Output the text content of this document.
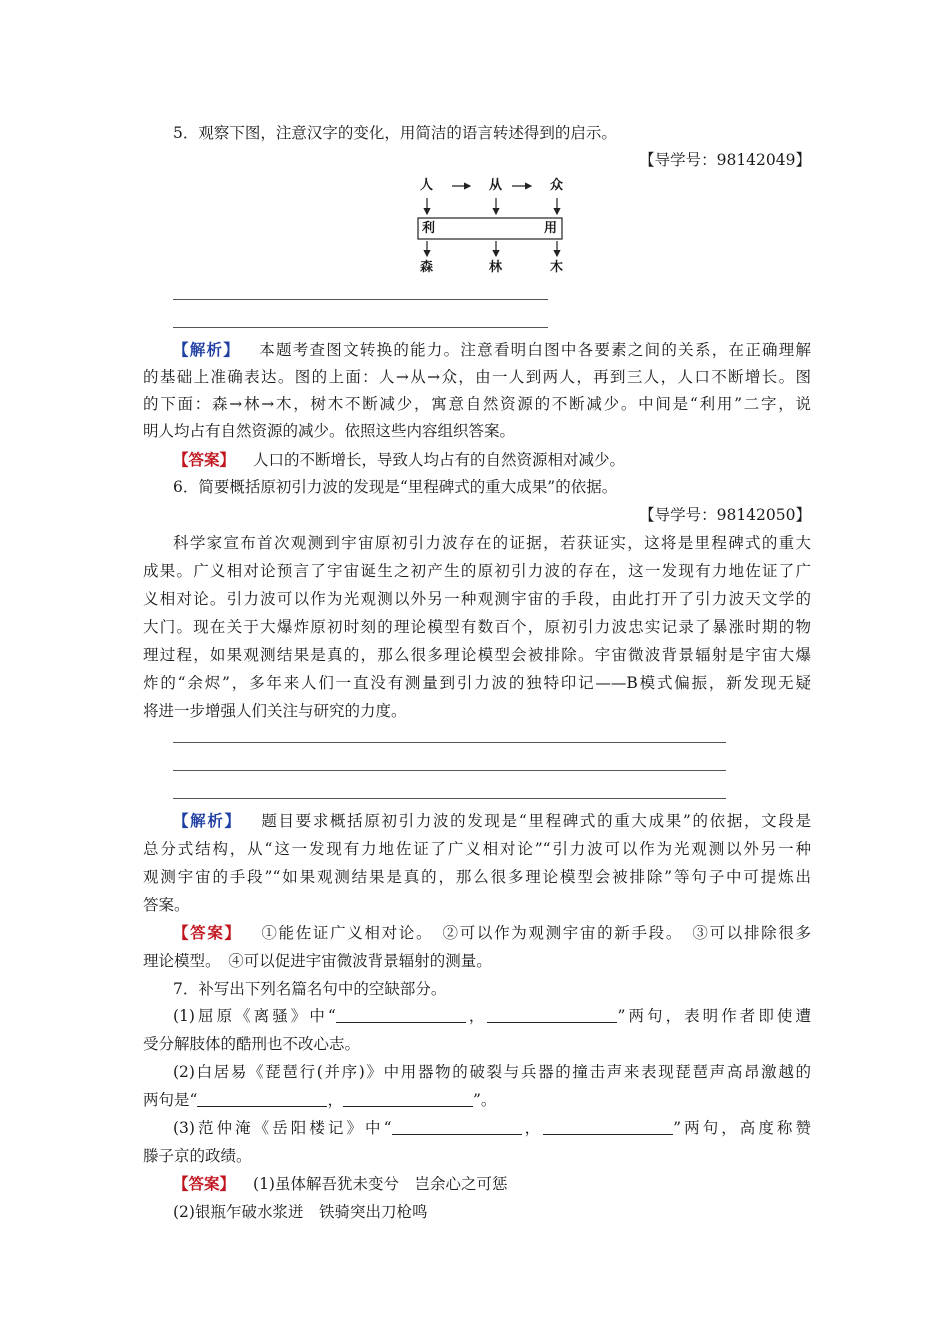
5．观察下图，注意汉字的变化，用简洁的语言转述得到的启示。
【导学号：98142049】
人	从	众
利	用
森	林	木
【解析】 本题考查图文转换的能力。注意看明白图中各要素之间的关系，在正确理解
的基础上准确表达。图的上面：人→从→众，由一人到两人，再到三人，人口不断增长。图
的下面：森→林→木，树木不断减少，寓意自然资源的不断减少。中间是“利用”二字，说
明人均占有自然资源的减少。依照这些内容组织答案。
【答案】 人口的不断增长，导致人均占有的自然资源相对减少。
6．简要概括原初引力波的发现是“里程碑式的重大成果”的依据。
【导学号：98142050】
科学家宣布首次观测到宇宙原初引力波存在的证据，若获证实，这将是里程碑式的重大
成果。广义相对论预言了宇宙诞生之初产生的原初引力波的存在，这一发现有力地佐证了广
义相对论。引力波可以作为光观测以外另一种观测宇宙的手段，由此打开了引力波天文学的
大门。现在关于大爆炸原初时刻的理论模型有数百个，原初引力波忠实记录了暴涨时期的物
理过程，如果观测结果是真的，那么很多理论模型会被排除。宇宙微波背景辐射是宇宙大爆
炸的“余烬”，多年来人们一直没有测量到引力波的独特印记——B模式偏振，新发现无疑
将进一步增强人们关注与研究的力度。
【解析】 题目要求概括原初引力波的发现是“里程碑式的重大成果”的依据，文段是
总分式结构，从“这一发现有力地佐证了广义相对论”“引力波可以作为光观测以外另一种
观测宇宙的手段”“如果观测结果是真的，那么很多理论模型会被排除”等句子中可提炼出
答案。
【答案】 ①能佐证广义相对论。　②可以作为观测宇宙的新手段。　③可以排除很多
理论模型。　④可以促进宇宙微波背景辐射的测量。
7．补写出下列名篇名句中的空缺部分。
(1)屈原《离骚》中“	，	”两句，表明作者即使遭
受分解肢体的酷刑也不改心志。
(2)白居易《琵琶行(并序)》中用器物的破裂与兵器的撞击声来表现琵琶声高昂激越的
两句是“	，	”。
(3)范仲淹《岳阳楼记》中“	，	”两句，高度称赞
滕子京的政绩。
【答案】 (1)虽体解吾犹未变兮　岂余心之可惩
(2)银瓶乍破水浆迸　铁骑突出刀枪鸣
